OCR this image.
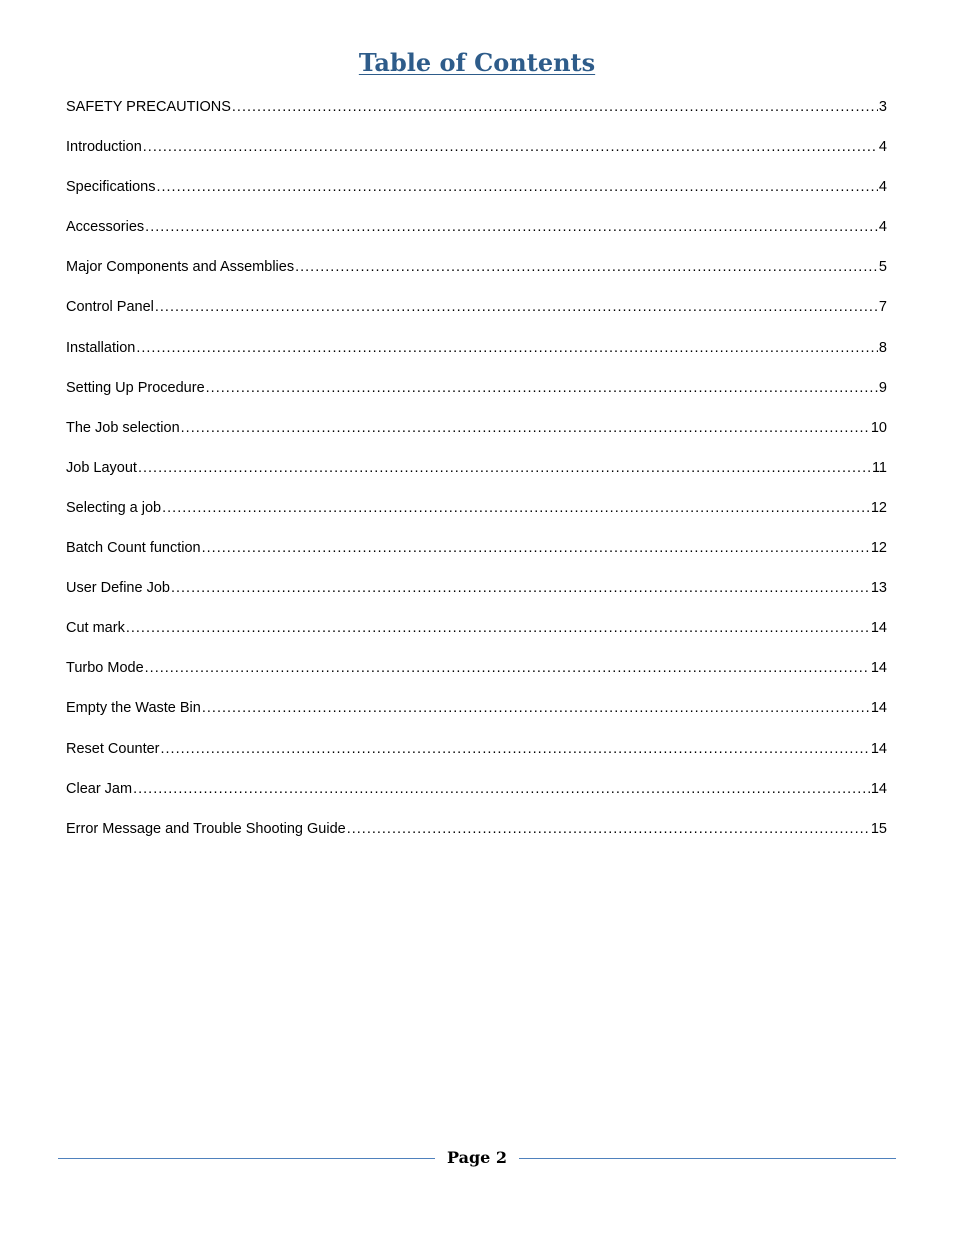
Table of Contents
SAFETY PRECAUTIONS .....	3
Introduction .....	4
Specifications .....	4
Accessories .....	4
Major Components and Assemblies .....	5
Control Panel .....	7
Installation .....	8
Setting Up Procedure .....	9
The Job selection .....	10
Job Layout .....	11
Selecting a job .....	12
Batch Count function .....	12
User Define Job .....	13
Cut mark .....	14
Turbo Mode .....	14
Empty the Waste Bin .....	14
Reset Counter .....	14
Clear Jam .....	14
Error Message and Trouble Shooting Guide .....	15
Page 2
